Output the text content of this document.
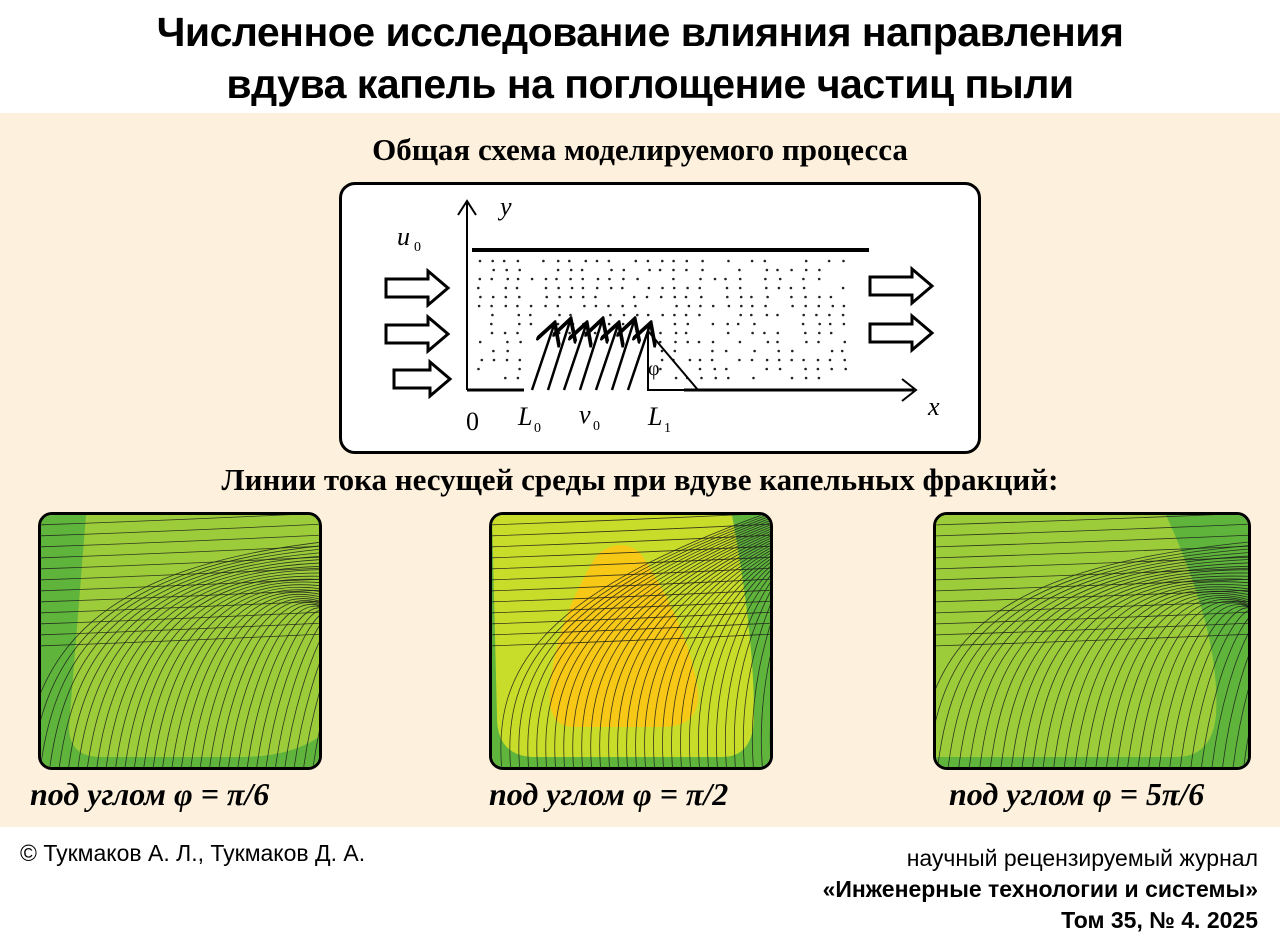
Численное исследование влияния направления
вдува капель на поглощение частиц пыли
Общая схема моделируемого процесса
y
u 0
x
0 L 0 v 0 L 1
φ
Линии тока несущей среды при вдуве капельных фракций:
под углом φ = π/6	под углом φ = π/2	под углом φ = 5π/6
© Тукмаков А. Л., Тукмаков Д. А.	научный рецензируемый журнал
«Инженерные технологии и системы»
Том 35, № 4. 2025
